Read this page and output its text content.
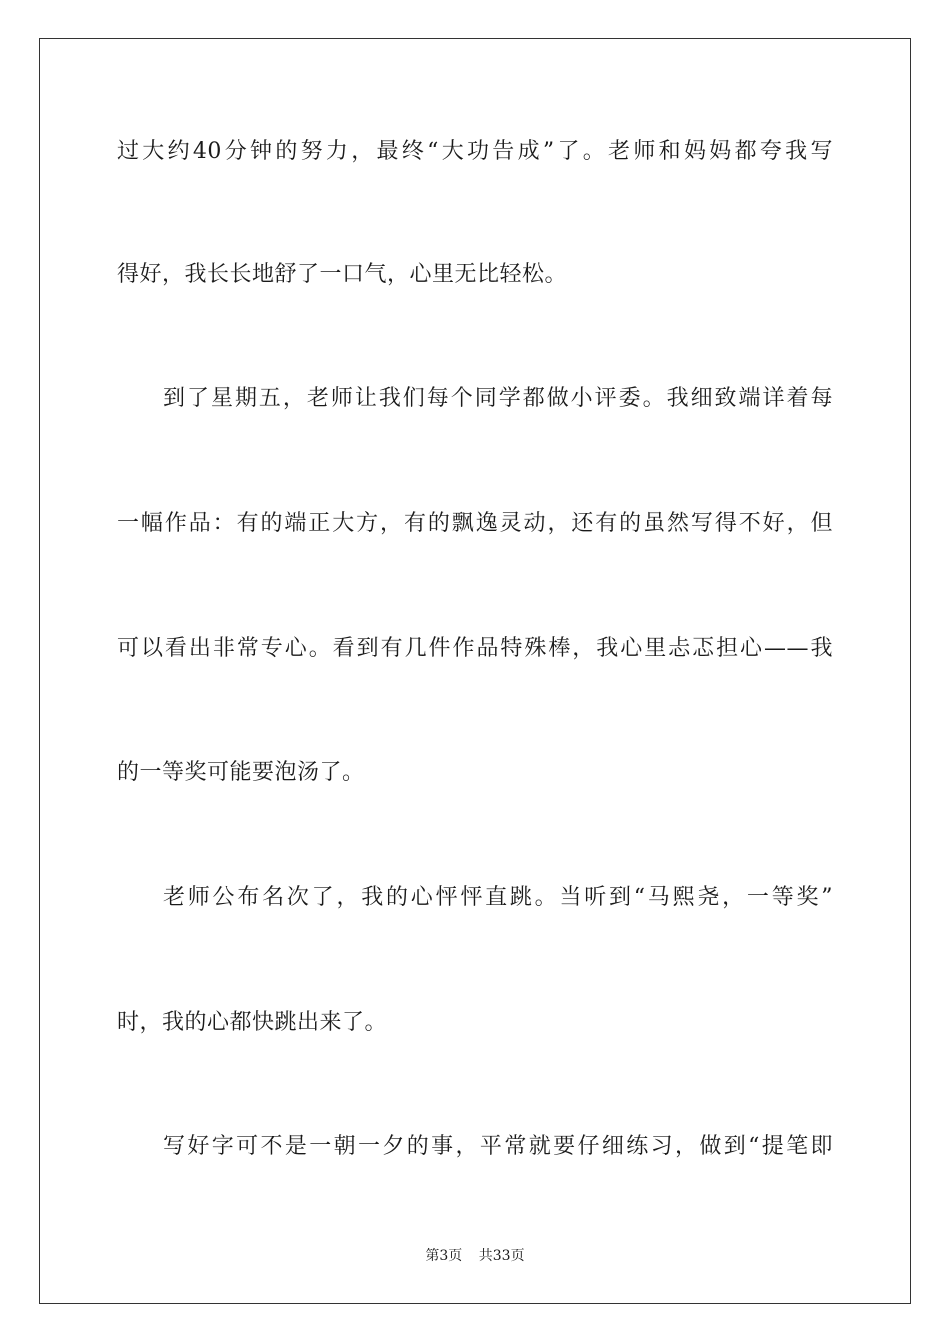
过大约40分钟的努力，最终“大功告成”了。老师和妈妈都夸我写
得好，我长长地舒了一口气，心里无比轻松。
到了星期五，老师让我们每个同学都做小评委。我细致端详着每
一幅作品：有的端正大方，有的飘逸灵动，还有的虽然写得不好，但
可以看出非常专心。看到有几件作品特殊棒，我心里忐忑担心——我
的一等奖可能要泡汤了。
老师公布名次了，我的心怦怦直跳。当听到“马熙尧，一等奖”
时，我的心都快跳出来了。
写好字可不是一朝一夕的事，平常就要仔细练习，做到“提笔即
第3页 共33页
